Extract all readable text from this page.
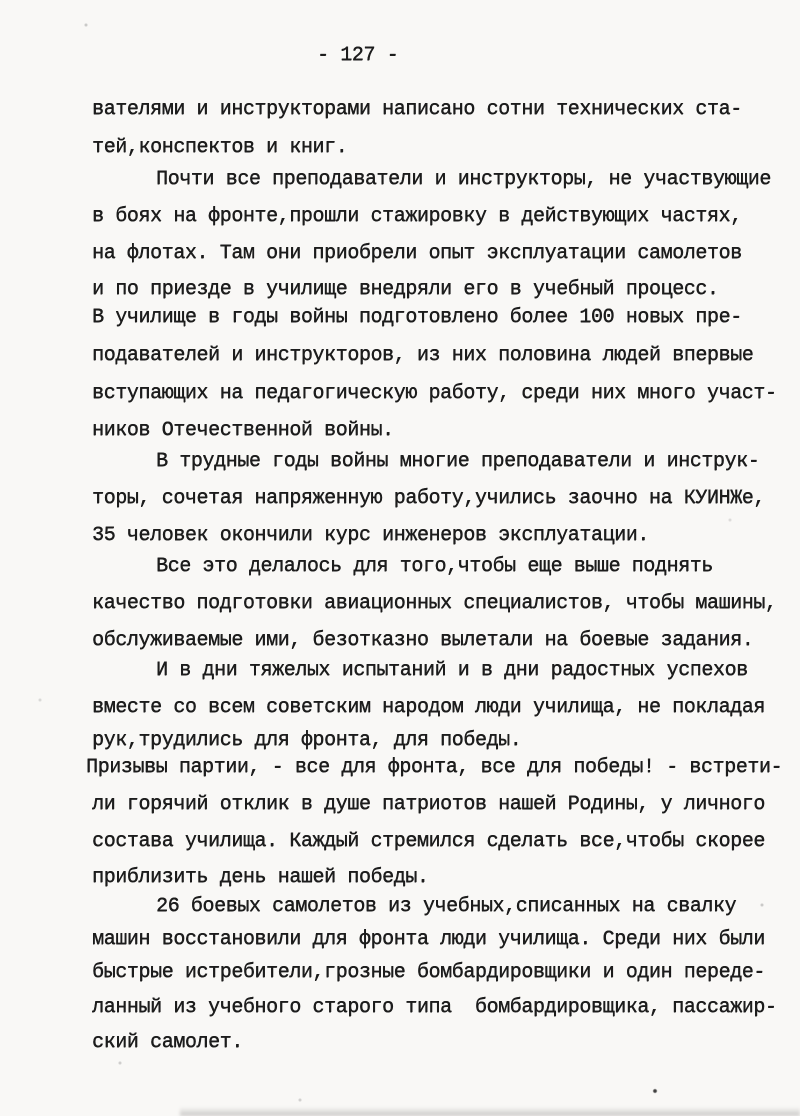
- 127 -
вателями и инструкторами написано сотни технических ста-
тей,конспектов и книг.
Почти все преподаватели и инструкторы, не участвующие
в боях на фронте,прошли стажировку в действующих частях,
на флотах. Там они приобрели опыт эксплуатации самолетов
и по приезде в училище внедряли его в учебный процесс.
В училище в годы войны подготовлено более 100 новых пре-
подавателей и инструкторов, из них половина людей впервые
вступающих на педагогическую работу, среди них много участ-
ников Отечественной войны.
В трудные годы войны многие преподаватели и инструк-
торы, сочетая напряженную работу,учились заочно на КУИНЖе,
35 человек окончили курс инженеров эксплуатации.
Все это делалось для того,чтобы еще выше поднять
качество подготовки авиационных специалистов, чтобы машины,
обслуживаемые ими, безотказно вылетали на боевые задания.
И в дни тяжелых испытаний и в дни радостных успехов
вместе со всем советским народом люди училища, не покладая
рук,трудились для фронта, для победы.
Призывы партии, - все для фронта, все для победы! - встрети-
ли горячий отклик в душе патриотов нашей Родины, у личного
состава училища. Каждый стремился сделать все,чтобы скорее
приблизить день нашей победы.
26 боевых самолетов из учебных,списанных на свалку
машин восстановили для фронта люди училища. Среди них были
быстрые истребители,грозные бомбардировщики и один переде-
ланный из учебного старого типа  бомбардировщика, пассажир-
ский самолет.
